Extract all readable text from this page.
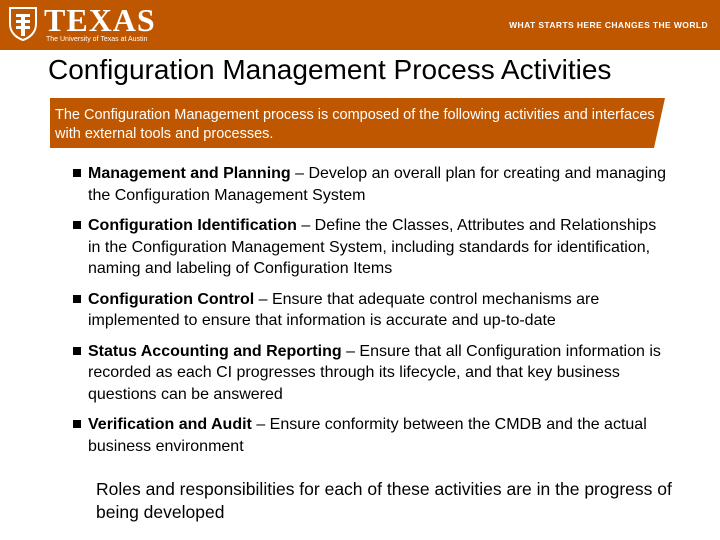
TEXAS
The University of Texas at Austin
WHAT STARTS HERE CHANGES THE WORLD
Configuration Management Process Activities
The Configuration Management process is composed of the following activities and interfaces with external tools and processes.
Management and Planning – Develop an overall plan for creating and managing the Configuration Management System
Configuration Identification – Define the Classes, Attributes and Relationships in the Configuration Management System, including standards for identification, naming and labeling of Configuration Items
Configuration Control – Ensure that adequate control mechanisms are implemented to ensure that information is accurate and up-to-date
Status Accounting and Reporting – Ensure that all Configuration information is recorded as each CI progresses through its lifecycle, and that key business questions can be answered
Verification and Audit – Ensure conformity between the CMDB and the actual business environment
Roles and responsibilities for each of these activities are in the progress of being developed
